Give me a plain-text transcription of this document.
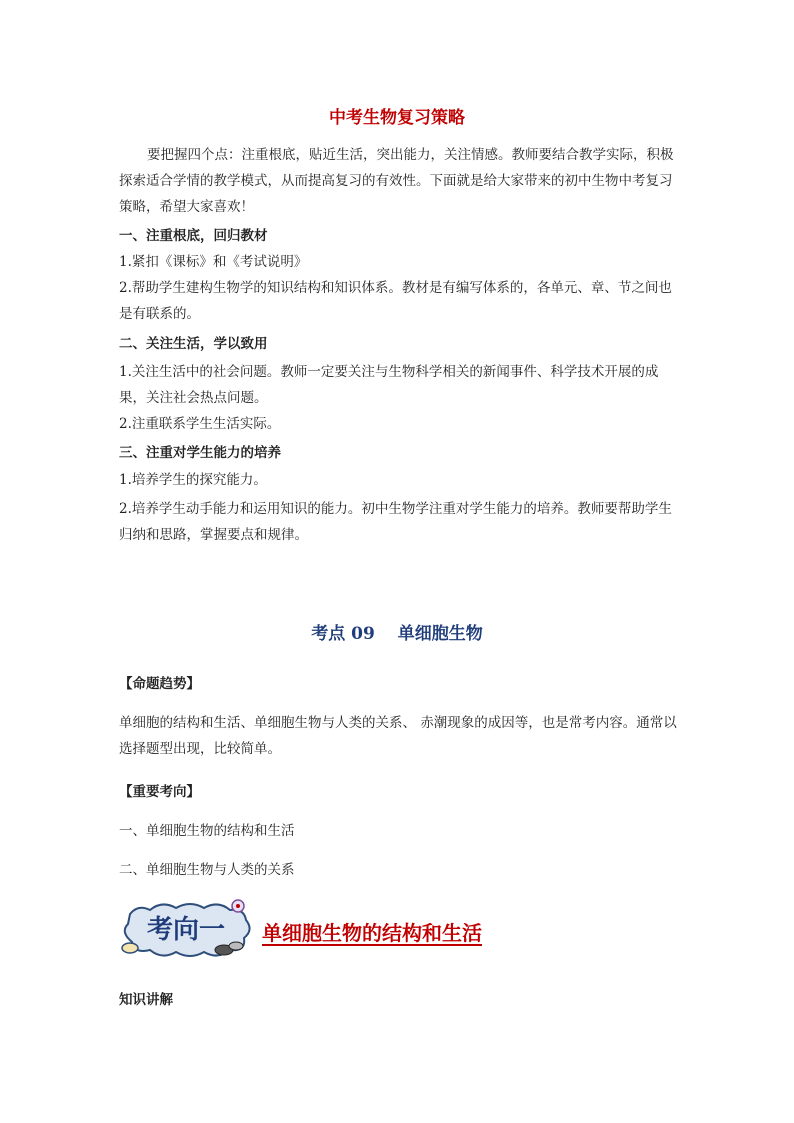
中考生物复习策略
要把握四个点：注重根底，贴近生活，突出能力，关注情感。教师要结合教学实际，积极探索适合学情的教学模式，从而提高复习的有效性。下面就是给大家带来的初中生物中考复习策略，希望大家喜欢！
一、注重根底，回归教材
1.紧扣《课标》和《考试说明》
2.帮助学生建构生物学的知识结构和知识体系。教材是有编写体系的，各单元、章、节之间也是有联系的。
二、关注生活，学以致用
1.关注生活中的社会问题。教师一定要关注与生物科学相关的新闻事件、科学技术开展的成果，关注社会热点问题。
2.注重联系学生生活实际。
三、注重对学生能力的培养
1.培养学生的探究能力。
2.培养学生动手能力和运用知识的能力。初中生物学注重对学生能力的培养。教师要帮助学生归纳和思路，掌握要点和规律。
考点 09　 单细胞生物
【命题趋势】
单细胞的结构和生活、单细胞生物与人类的关系、 赤潮现象的成因等，也是常考内容。通常以选择题型出现，比较简单。
【重要考向】
一、单细胞生物的结构和生活
二、单细胞生物与人类的关系
考向一 单细胞生物的结构和生活
知识讲解
